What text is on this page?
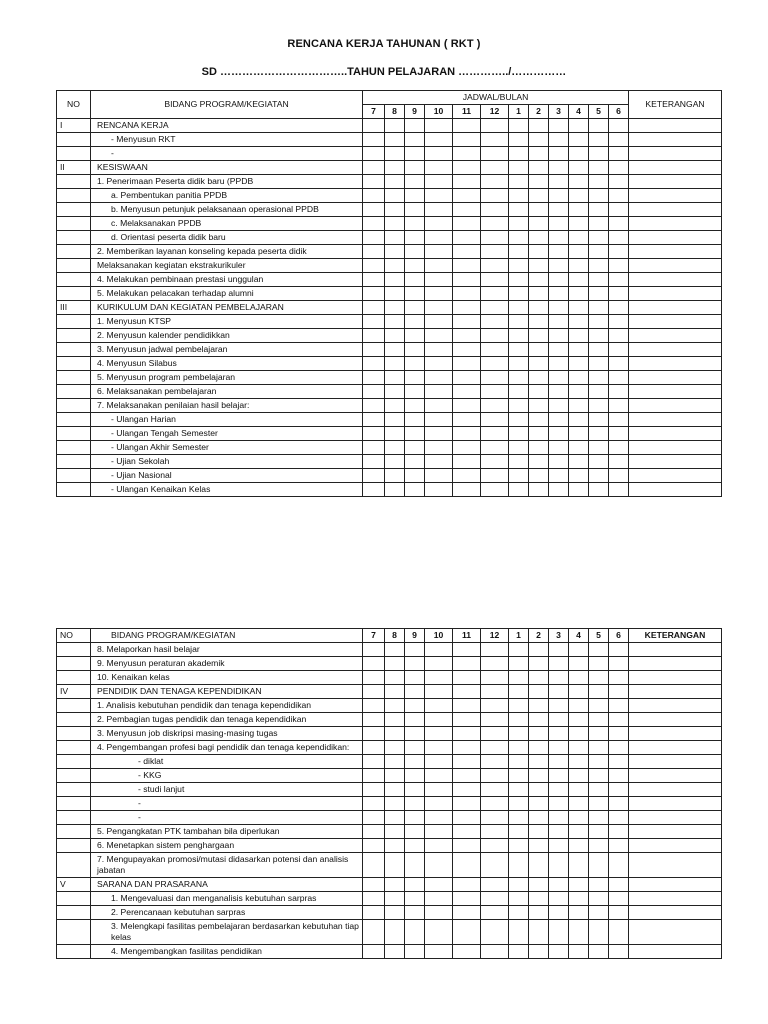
RENCANA KERJA TAHUNAN ( RKT )
SD ……………………………..TAHUN PELAJARAN …………../……………
NO	BIDANG PROGRAM/KEGIATAN	JADWAL/BULAN												KETERANGAN
		7	8	9	10	11	12	1	2	3	4	5	6	
I	RENCANA KERJA													
	- Menyusun RKT													
	-													
II	KESISWAAN													
	1. Penerimaan Peserta didik baru (PPDB													
	a. Pembentukan panitia PPDB													
	b. Menyusun petunjuk pelaksanaan operasional PPDB													
	c. Melaksanakan PPDB													
	d. Orientasi peserta didik baru													
	2. Memberikan layanan konseling kepada peserta didik													
	Melaksanakan kegiatan ekstrakurikuler													
	4. Melakukan pembinaan prestasi unggulan													
	5. Melakukan pelacakan terhadap alumni													
III	KURIKULUM DAN KEGIATAN PEMBELAJARAN													
	1. Menyusun KTSP													
	2. Menyusun kalender pendidikkan													
	3. Menyusun jadwal pembelajaran													
	4. Menyusun Silabus													
	5. Menyusun program pembelajaran													
	6. Melaksanakan pembelajaran													
	7. Melaksanakan penilaian hasil belajar:													
	- Ulangan Harian													
	- Ulangan Tengah Semester													
	- Ulangan Akhir Semester													
	- Ujian Sekolah													
	- Ujian Nasional													
	- Ulangan Kenaikan Kelas													
NO	BIDANG PROGRAM/KEGIATAN	7	8	9	10	11	12	1	2	3	4	5	6	KETERANGAN
	8. Melaporkan hasil belajar													
	9. Menyusun peraturan akademik													
	10. Kenaikan kelas													
IV	PENDIDIK DAN TENAGA KEPENDIDIKAN													
	1. Analisis kebutuhan pendidik dan tenaga kependidikan													
	2. Pembagian tugas pendidik dan tenaga kependidikan													
	3. Menyusun job diskripsi masing-masing tugas													
	4. Pengembangan profesi bagi pendidik dan tenaga kependidikan:													
	- diklat													
	- KKG													
	- studi lanjut													
	-													
	-													
	5. Pengangkatan PTK tambahan bila diperlukan													
	6. Menetapkan sistem penghargaan													
	7. Mengupayakan promosi/mutasi didasarkan potensi dan analisis jabatan													
V	SARANA DAN PRASARANA													
	1. Mengevaluasi dan menganalisis kebutuhan sarpras													
	2. Perencanaan kebutuhan sarpras													
	3. Melengkapi fasilitas pembelajaran berdasarkan kebutuhan tiap kelas													
	4. Mengembangkan fasilitas pendidikan													
